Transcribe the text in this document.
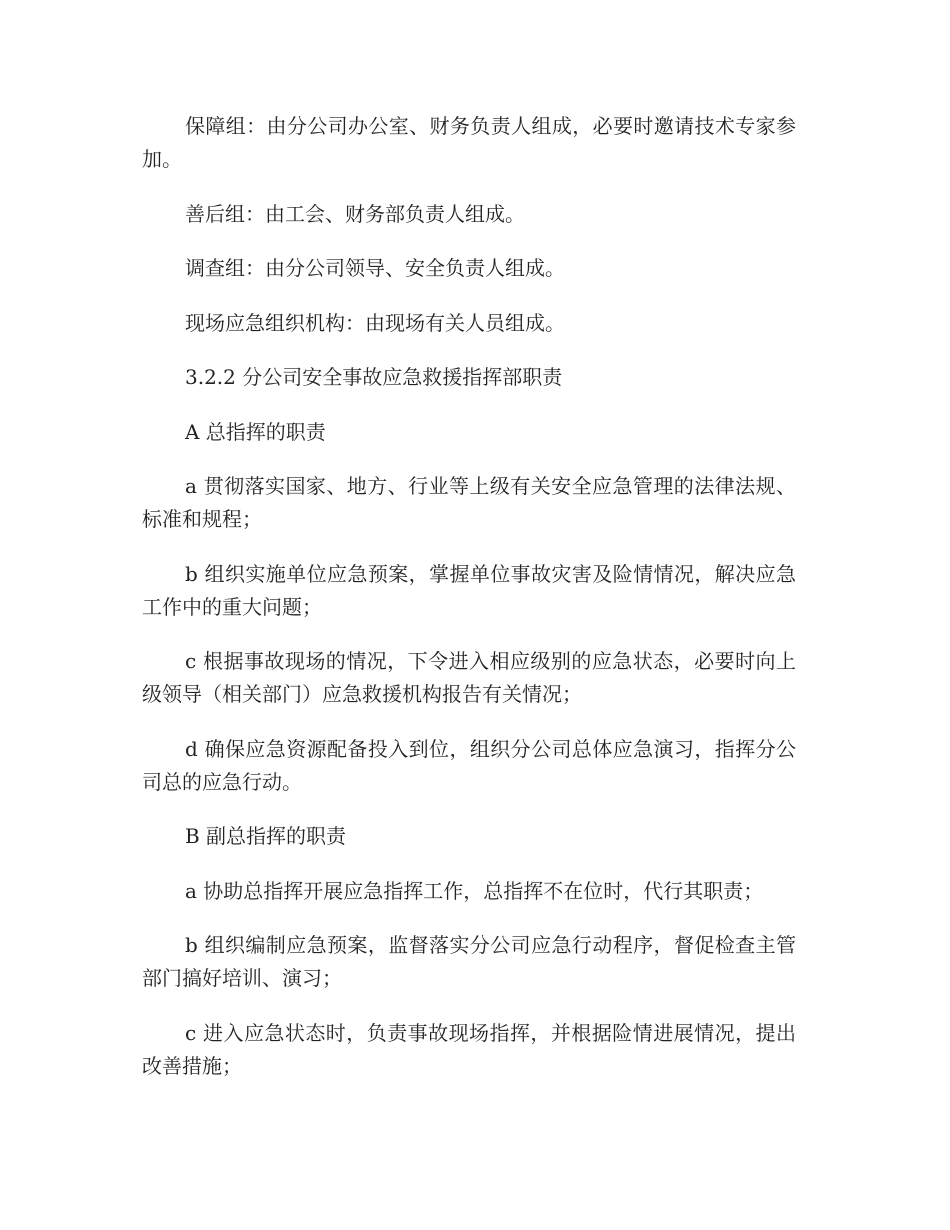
保障组：由分公司办公室、财务负责人组成，必要时邀请技术专家参加。

善后组：由工会、财务部负责人组成。

调查组：由分公司领导、安全负责人组成。

现场应急组织机构：由现场有关人员组成。

3.2.2 分公司安全事故应急救援指挥部职责

A 总指挥的职责

a 贯彻落实国家、地方、行业等上级有关安全应急管理的法律法规、标准和规程；

b 组织实施单位应急预案，掌握单位事故灾害及险情情况，解决应急工作中的重大问题；

c 根据事故现场的情况，下令进入相应级别的应急状态，必要时向上级领导（相关部门）应急救援机构报告有关情况；

d 确保应急资源配备投入到位，组织分公司总体应急演习，指挥分公司总的应急行动。

B 副总指挥的职责

a 协助总指挥开展应急指挥工作，总指挥不在位时，代行其职责；

b 组织编制应急预案，监督落实分公司应急行动程序，督促检查主管部门搞好培训、演习；

c 进入应急状态时，负责事故现场指挥，并根据险情进展情况，提出改善措施；
